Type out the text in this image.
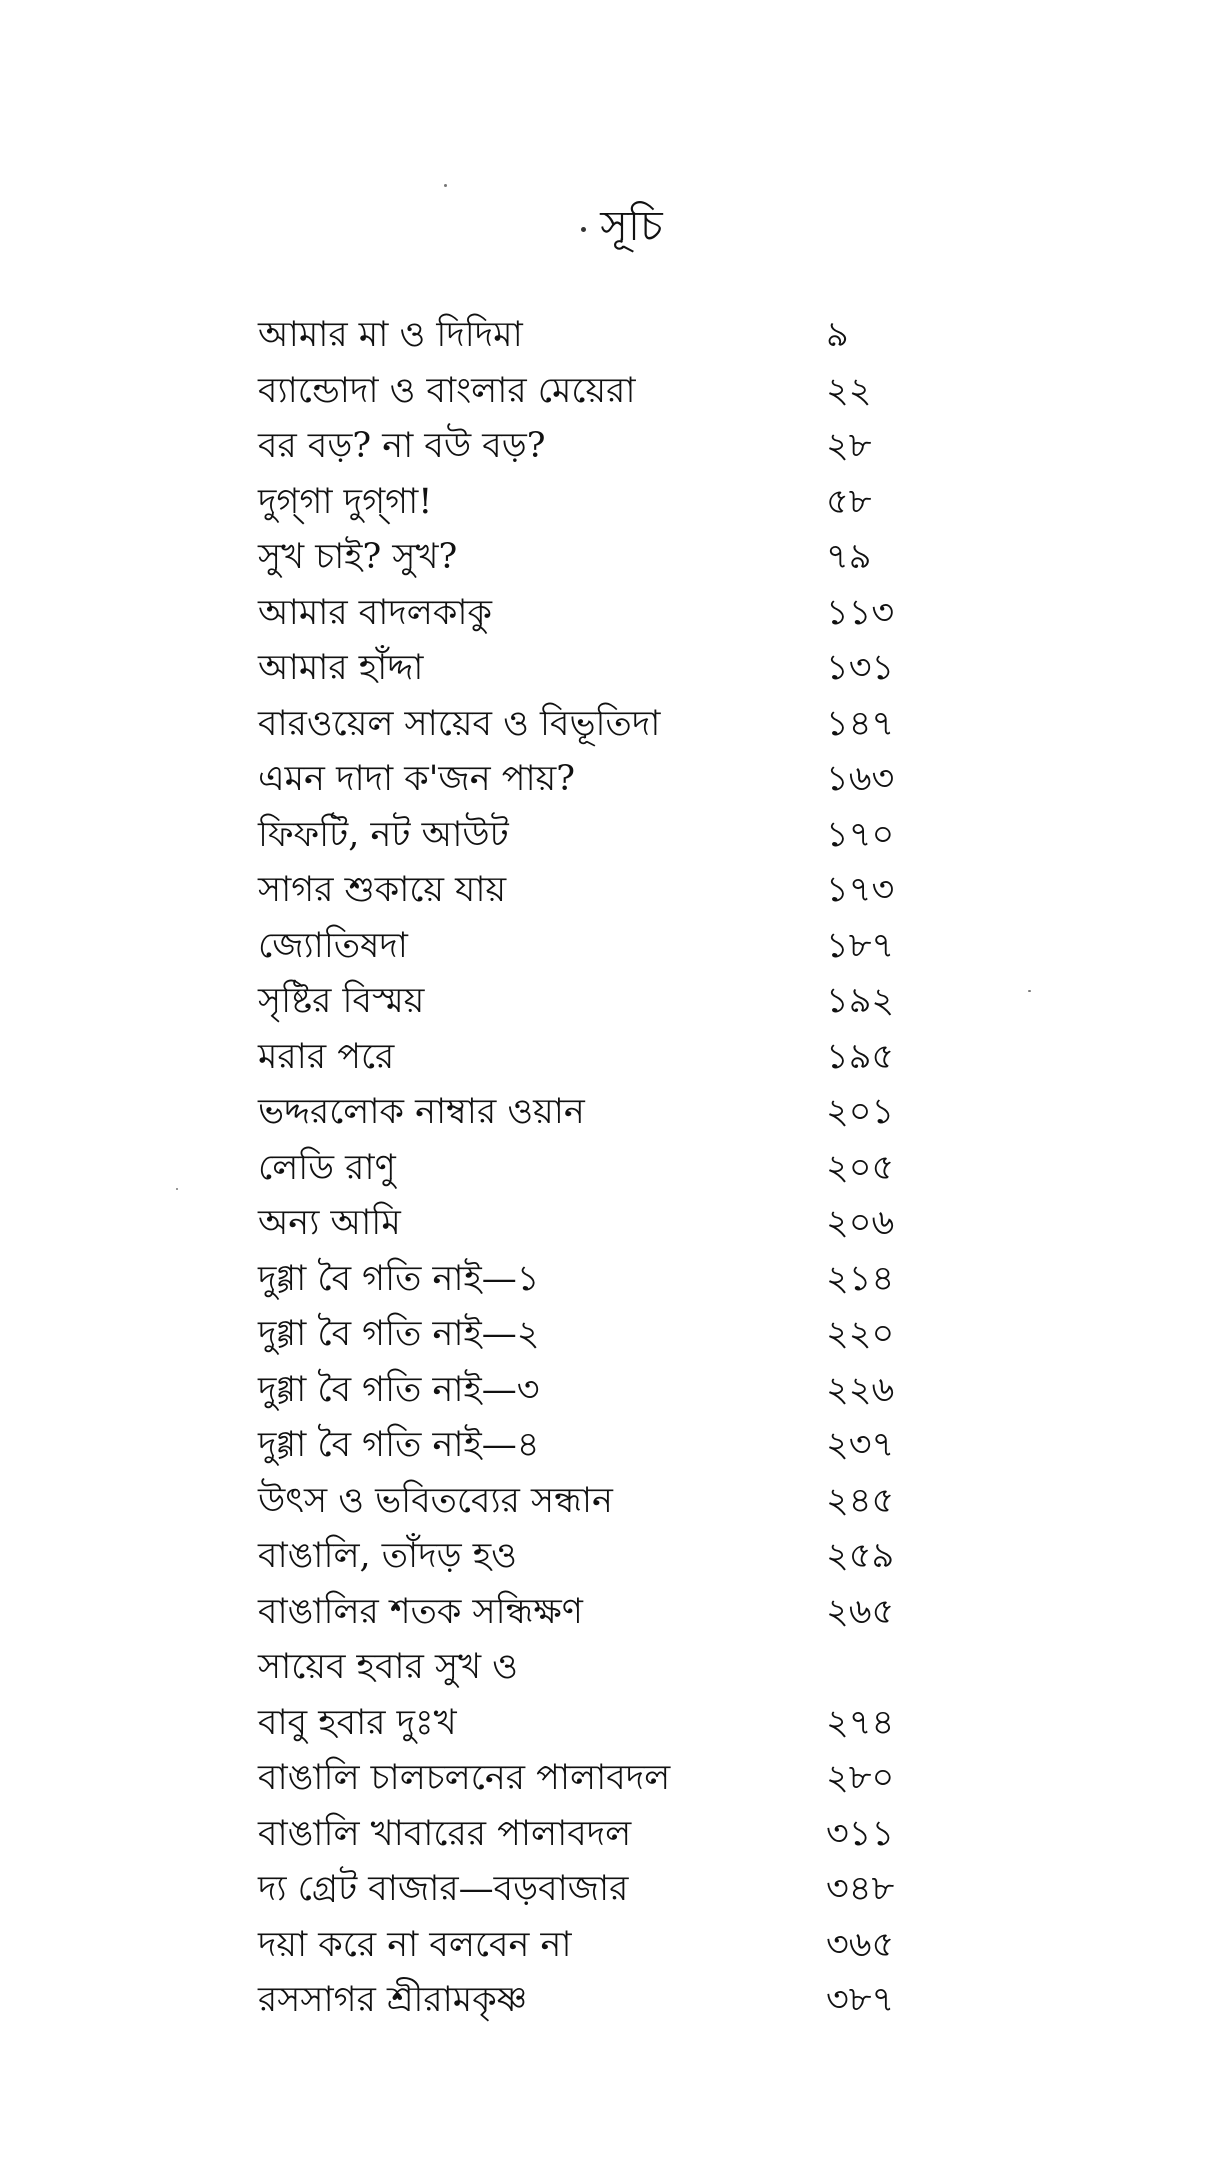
সূচি
আমার মা ও দিদিমা	৯
ব্যান্ডোদা ও বাংলার মেয়েরা	২২
বর বড়? না বউ বড়?	২৮
দুগ্‌গা দুগ্‌গা!	৫৮
সুখ চাই? সুখ?	৭৯
আমার বাদলকাকু	১১৩
আমার হাঁদ্দা	১৩১
বারওয়েল সায়েব ও বিভূতিদা	১৪৭
এমন দাদা ক'জন পায়?	১৬৩
ফিফটি, নট আউট	১৭০
সাগর শুকায়ে যায়	১৭৩
জ্যোতিষদা	১৮৭
সৃষ্টির বিস্ময়	১৯২
মরার পরে	১৯৫
ভদ্দরলোক নাম্বার ওয়ান	২০১
লেডি রাণু	২০৫
অন্য আমি	২০৬
দুগ্গা বৈ গতি নাই—১	২১৪
দুগ্গা বৈ গতি নাই—২	২২০
দুগ্গা বৈ গতি নাই—৩	২২৬
দুগ্গা বৈ গতি নাই—৪	২৩৭
উৎস ও ভবিতব্যের সন্ধান	২৪৫
বাঙালি, তাঁদড় হও	২৫৯
বাঙালির শতক সন্ধিক্ষণ	২৬৫
সায়েব হবার সুখ ও
বাবু হবার দুঃখ	২৭৪
বাঙালি চালচলনের পালাবদল	২৮০
বাঙালি খাবারের পালাবদল	৩১১
দ্য গ্রেট বাজার—বড়বাজার	৩৪৮
দয়া করে না বলবেন না	৩৬৫
রসসাগর শ্রীরামকৃষ্ণ	৩৮৭
